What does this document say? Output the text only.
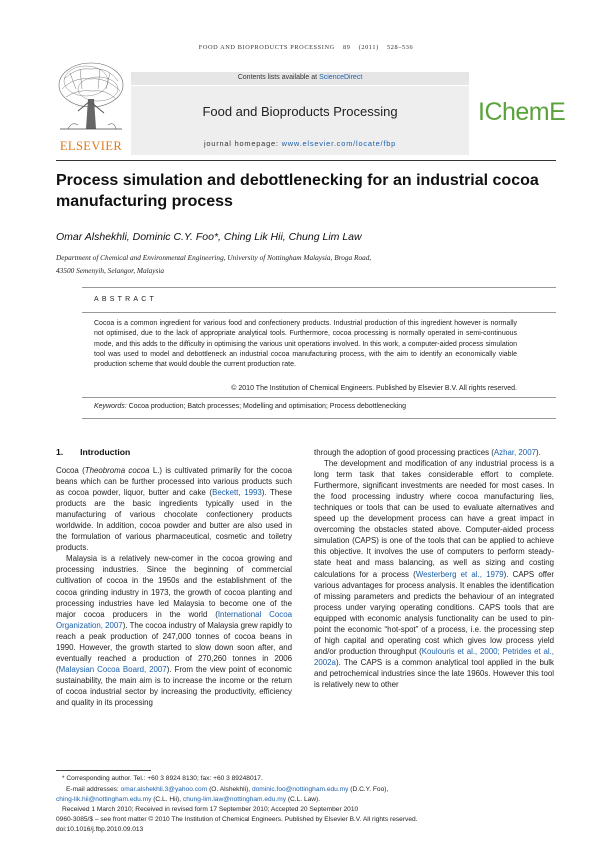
FOOD AND BIOPRODUCTS PROCESSING 89 (2011) 528–536
ELSEVIER
Contents lists available at ScienceDirect
Food and Bioproducts Processing
journal homepage: www.elsevier.com/locate/fbp
IChemE
Process simulation and debottlenecking for an industrial cocoa manufacturing process
Omar Alshekhli, Dominic C.Y. Foo*, Ching Lik Hii, Chung Lim Law
Department of Chemical and Environmental Engineering, University of Nottingham Malaysia, Broga Road,
43500 Semenyih, Selangor, Malaysia
ABSTRACT
Cocoa is a common ingredient for various food and confectionery products. Industrial production of this ingredient however is normally not optimised, due to the lack of appropriate analytical tools. Furthermore, cocoa processing is normally operated in semi-continuous mode, and this adds to the difficulty in optimising the various unit operations involved. In this work, a computer-aided process simulation tool was used to model and debottleneck an industrial cocoa manufacturing process, with the aim to identify an economically viable production scheme that would double the current production rate.
© 2010 The Institution of Chemical Engineers. Published by Elsevier B.V. All rights reserved.
Keywords: Cocoa production; Batch processes; Modelling and optimisation; Process debottlenecking
1. Introduction

Cocoa (Theobroma cocoa L.) is cultivated primarily for the cocoa beans which can be further processed into various products such as cocoa powder, liquor, butter and cake (Beckett, 1993). These products are the basic ingredients typically used in the manufacturing of various chocolate confectionery products worldwide. In addition, cocoa powder and butter are also used in the formulation of various pharmaceutical, cosmetic and toiletry products.

Malaysia is a relatively new-comer in the cocoa growing and processing industries. Since the beginning of commercial cultivation of cocoa in the 1950s and the establishment of the cocoa grinding industry in 1973, the growth of cocoa planting and processing industries have led Malaysia to become one of the major cocoa producers in the world (International Cocoa Organization, 2007). The cocoa industry of Malaysia grew rapidly to reach a peak production of 247,000 tonnes of cocoa beans in 1990. However, the growth started to slow down soon after, and eventually reached a production of 270,260 tonnes in 2006 (Malaysian Cocoa Board, 2007). From the view point of economic sustainability, the main aim is to increase the income or the return of cocoa industrial sector by increasing the productivity, efficiency and quality in its processing

through the adoption of good processing practices (Azhar, 2007).

The development and modification of any industrial process is a long term task that takes considerable effort to complete. Furthermore, significant investments are needed for most cases. In the food processing industry where cocoa manufacturing lies, techniques or tools that can be used to evaluate alternatives and speed up the development process can have a great impact in overcoming the obstacles stated above. Computer-aided process simulation (CAPS) is one of the tools that can be applied to achieve this objective. It involves the use of computers to perform steady-state heat and mass balancing, as well as sizing and costing calculations for a process (Westerberg et al., 1979). CAPS offer various advantages for process analysis. It enables the identification of missing parameters and predicts the behaviour of an integrated process under varying operating conditions. CAPS tools that are equipped with economic analysis functionality can be used to pin-point the economic “hot-spot” of a process, i.e. the processing step of high capital and operating cost which gives low process yield and/or production throughput (Koulouris et al., 2000; Petrides et al., 2002a). The CAPS is a common analytical tool applied in the bulk and petrochemical industries since the late 1960s. However this tool is relatively new to other

* Corresponding author. Tel.: +60 3 8924 8130; fax: +60 3 89248017.
E-mail addresses: omar.alshekhli.3@yahoo.com (O. Alshekhli), dominic.foo@nottingham.edu.my (D.C.Y. Foo),
ching-lik.hii@nottingham.edu.my (C.L. Hii), chung-lim.law@nottingham.edu.my (C.L. Law).
Received 1 March 2010; Received in revised form 17 September 2010; Accepted 20 September 2010
0960-3085/$ – see front matter © 2010 The Institution of Chemical Engineers. Published by Elsevier B.V. All rights reserved.
doi:10.1016/j.fbp.2010.09.013
